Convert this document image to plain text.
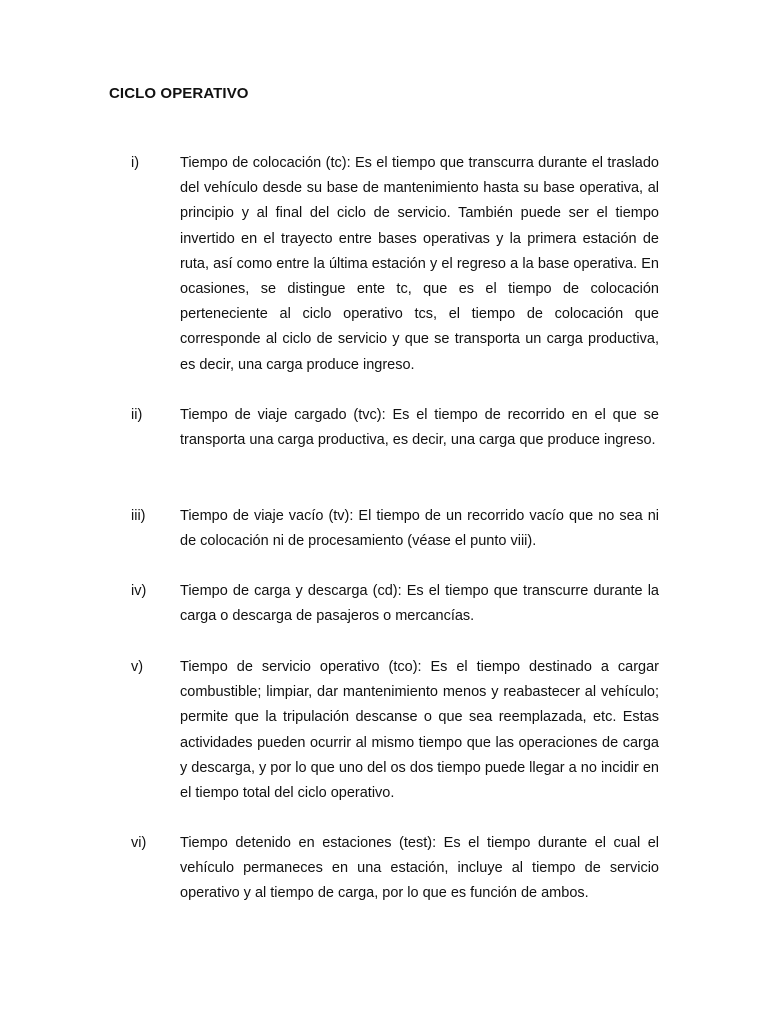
CICLO OPERATIVO
i)	Tiempo de colocación (tc): Es el tiempo que transcurra durante el traslado del vehículo desde su base de mantenimiento hasta su base operativa, al principio y al final del ciclo de servicio. También puede ser el tiempo invertido en el trayecto entre bases operativas y la primera estación de ruta, así como entre la última estación y el regreso a la base operativa. En ocasiones, se distingue ente tc, que es el tiempo de colocación perteneciente al ciclo operativo tcs, el tiempo de colocación que corresponde al ciclo de servicio y que se transporta un carga productiva, es decir, una carga produce ingreso.

ii)	Tiempo de viaje cargado (tvc): Es el tiempo de recorrido en el que se transporta una carga productiva, es decir, una carga que produce ingreso.

iii) Tiempo de viaje vacío (tv): El tiempo de un recorrido vacío que no sea ni de colocación ni de procesamiento (véase el punto viii).

iv) Tiempo de carga y descarga (cd): Es el tiempo que transcurre durante la carga o descarga de pasajeros o mercancías.

v)	Tiempo de servicio operativo (tco): Es el tiempo destinado a cargar combustible; limpiar, dar mantenimiento menos y reabastecer al vehículo; permite que la tripulación descanse o que sea reemplazada, etc. Estas actividades pueden ocurrir al mismo tiempo que las operaciones de carga y descarga, y por lo que uno del os dos tiempo puede llegar a no incidir en el tiempo total del ciclo operativo.

vi) Tiempo detenido en estaciones (test): Es el tiempo durante el cual el vehículo permaneces en una estación, incluye al tiempo de servicio operativo y al tiempo de carga, por lo que es función de ambos.
